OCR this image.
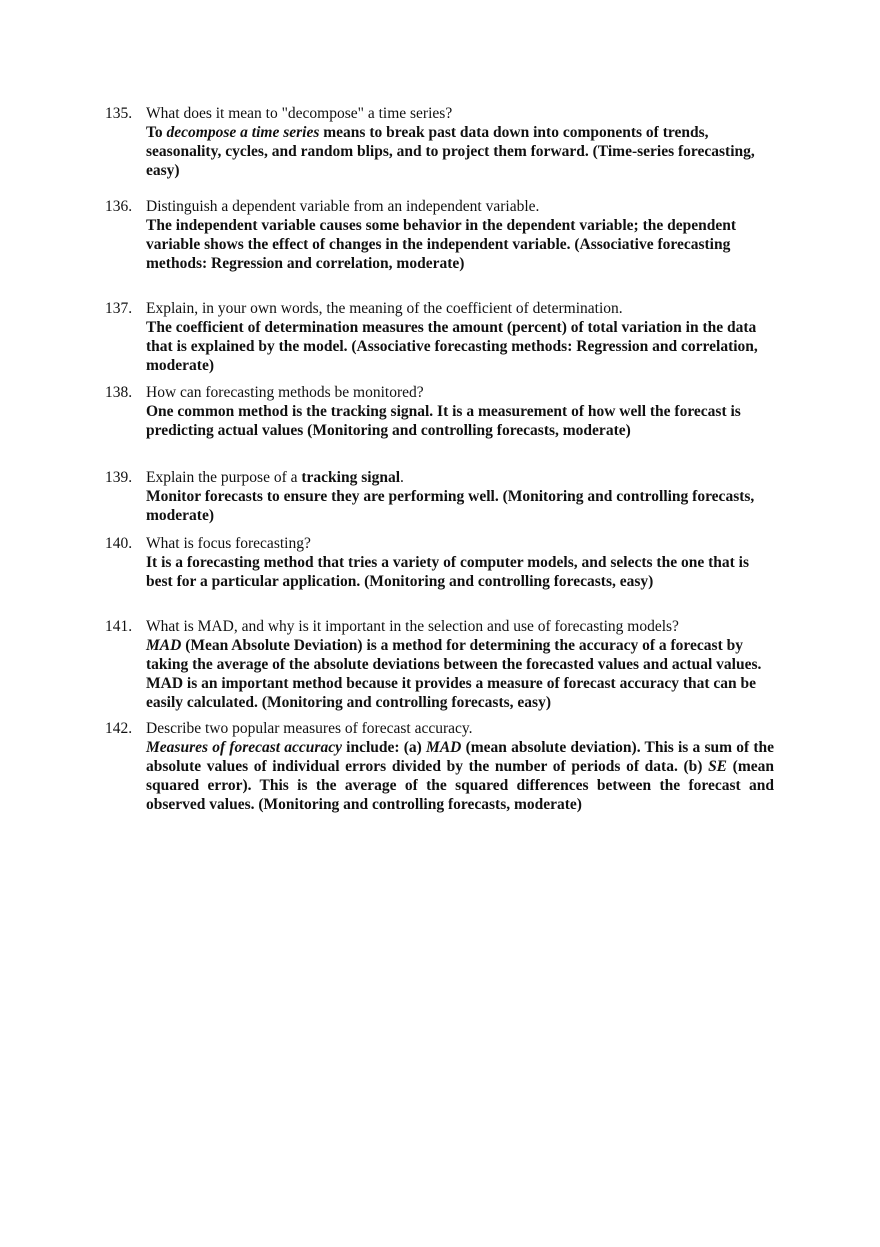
135. What does it mean to "decompose" a time series?
To decompose a time series means to break past data down into components of trends, seasonality, cycles, and random blips, and to project them forward. (Time-series forecasting, easy)
136. Distinguish a dependent variable from an independent variable.
The independent variable causes some behavior in the dependent variable; the dependent variable shows the effect of changes in the independent variable. (Associative forecasting methods: Regression and correlation, moderate)
137. Explain, in your own words, the meaning of the coefficient of determination.
The coefficient of determination measures the amount (percent) of total variation in the data that is explained by the model. (Associative forecasting methods: Regression and correlation, moderate)
138. How can forecasting methods be monitored?
One common method is the tracking signal. It is a measurement of how well the forecast is predicting actual values (Monitoring and controlling forecasts, moderate)
139. Explain the purpose of a tracking signal.
Monitor forecasts to ensure they are performing well. (Monitoring and controlling forecasts, moderate)
140. What is focus forecasting?
It is a forecasting method that tries a variety of computer models, and selects the one that is best for a particular application. (Monitoring and controlling forecasts, easy)
141. What is MAD, and why is it important in the selection and use of forecasting models?
MAD (Mean Absolute Deviation) is a method for determining the accuracy of a forecast by taking the average of the absolute deviations between the forecasted values and actual values. MAD is an important method because it provides a measure of forecast accuracy that can be easily calculated. (Monitoring and controlling forecasts, easy)
142. Describe two popular measures of forecast accuracy.
Measures of forecast accuracy include: (a) MAD (mean absolute deviation). This is a sum of the absolute values of individual errors divided by the number of periods of data. (b) SE (mean squared error). This is the average of the squared differences between the forecast and observed values. (Monitoring and controlling forecasts, moderate)
